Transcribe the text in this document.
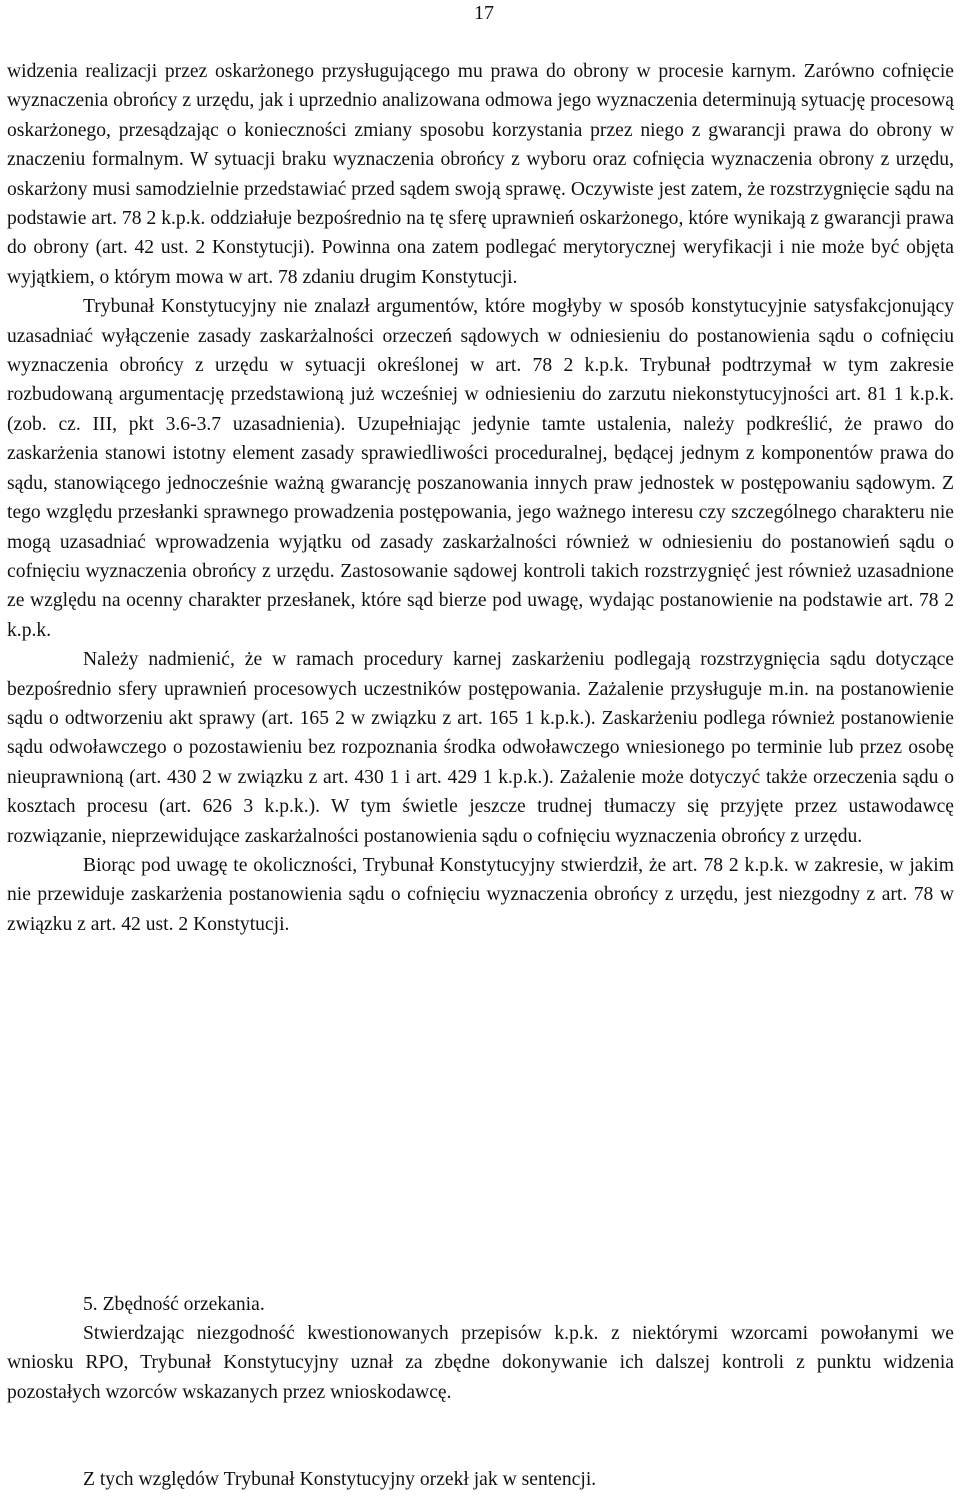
17

widzenia realizacji przez oskarżonego przysługującego mu prawa do obrony w procesie karnym. Zarówno cofnięcie wyznaczenia obrońcy z urzędu, jak i uprzednio analizowana odmowa jego wyznaczenia determinują sytuację procesową oskarżonego, przesądzając o konieczności zmiany sposobu korzystania przez niego z gwarancji prawa do obrony w znaczeniu formalnym. W sytuacji braku wyznaczenia obrońcy z wyboru oraz cofnięcia wyznaczenia obrony z urzędu, oskarżony musi samodzielnie przedstawiać przed sądem swoją sprawę. Oczywiste jest zatem, że rozstrzygnięcie sądu na podstawie art. 78 2 k.p.k. oddziałuje bezpośrednio na tę sferę uprawnień oskarżonego, które wynikają z gwarancji prawa do obrony (art. 42 ust. 2 Konstytucji). Powinna ona zatem podlegać merytorycznej weryfikacji i nie może być objęta wyjątkiem, o którym mowa w art. 78 zdaniu drugim Konstytucji.

Trybunał Konstytucyjny nie znalazł argumentów, które mogłyby w sposób konstytucyjnie satysfakcjonujący uzasadniać wyłączenie zasady zaskarżalności orzeczeń sądowych w odniesieniu do postanowienia sądu o cofnięciu wyznaczenia obrońcy z urzędu w sytuacji określonej w art. 78 2 k.p.k. Trybunał podtrzymał w tym zakresie rozbudowaną argumentację przedstawioną już wcześniej w odniesieniu do zarzutu niekonstytucyjności art. 81 1 k.p.k. (zob. cz. III, pkt 3.6-3.7 uzasadnienia). Uzupełniając jedynie tamte ustalenia, należy podkreślić, że prawo do zaskarżenia stanowi istotny element zasady sprawiedliwości proceduralnej, będącej jednym z komponentów prawa do sądu, stanowiącego jednocześnie ważną gwarancję poszanowania innych praw jednostek w postępowaniu sądowym. Z tego względu przesłanki sprawnego prowadzenia postępowania, jego ważnego interesu czy szczególnego charakteru nie mogą uzasadniać wprowadzenia wyjątku od zasady zaskarżalności również w odniesieniu do postanowień sądu o cofnięciu wyznaczenia obrońcy z urzędu. Zastosowanie sądowej kontroli takich rozstrzygnięć jest również uzasadnione ze względu na ocenny charakter przesłanek, które sąd bierze pod uwagę, wydając postanowienie na podstawie art. 78 2 k.p.k.

Należy nadmienić, że w ramach procedury karnej zaskarżeniu podlegają rozstrzygnięcia sądu dotyczące bezpośrednio sfery uprawnień procesowych uczestników postępowania. Zażalenie przysługuje m.in. na postanowienie sądu o odtworzeniu akt sprawy (art. 165 2 w związku z art. 165 1 k.p.k.). Zaskarżeniu podlega również postanowienie sądu odwoławczego o pozostawieniu bez rozpoznania środka odwoławczego wniesionego po terminie lub przez osobę nieuprawnioną (art. 430 2 w związku z art. 430 1 i art. 429 1 k.p.k.). Zażalenie może dotyczyć także orzeczenia sądu o kosztach procesu (art. 626 3 k.p.k.). W tym świetle jeszcze trudnej tłumaczy się przyjęte przez ustawodawcę rozwiązanie, nieprzewidujące zaskarżalności postanowienia sądu o cofnięciu wyznaczenia obrońcy z urzędu.

Biorąc pod uwagę te okoliczności, Trybunał Konstytucyjny stwierdził, że art. 78 2 k.p.k. w zakresie, w jakim nie przewiduje zaskarżenia postanowienia sądu o cofnięciu wyznaczenia obrońcy z urzędu, jest niezgodny z art. 78 w związku z art. 42 ust. 2 Konstytucji.

5. Zbędność orzekania.

Stwierdzając niezgodność kwestionowanych przepisów k.p.k. z niektórymi wzorcami powołanymi we wniosku RPO, Trybunał Konstytucyjny uznał za zbędne dokonywanie ich dalszej kontroli z punktu widzenia pozostałych wzorców wskazanych przez wnioskodawcę.

Z tych względów Trybunał Konstytucyjny orzekł jak w sentencji.
